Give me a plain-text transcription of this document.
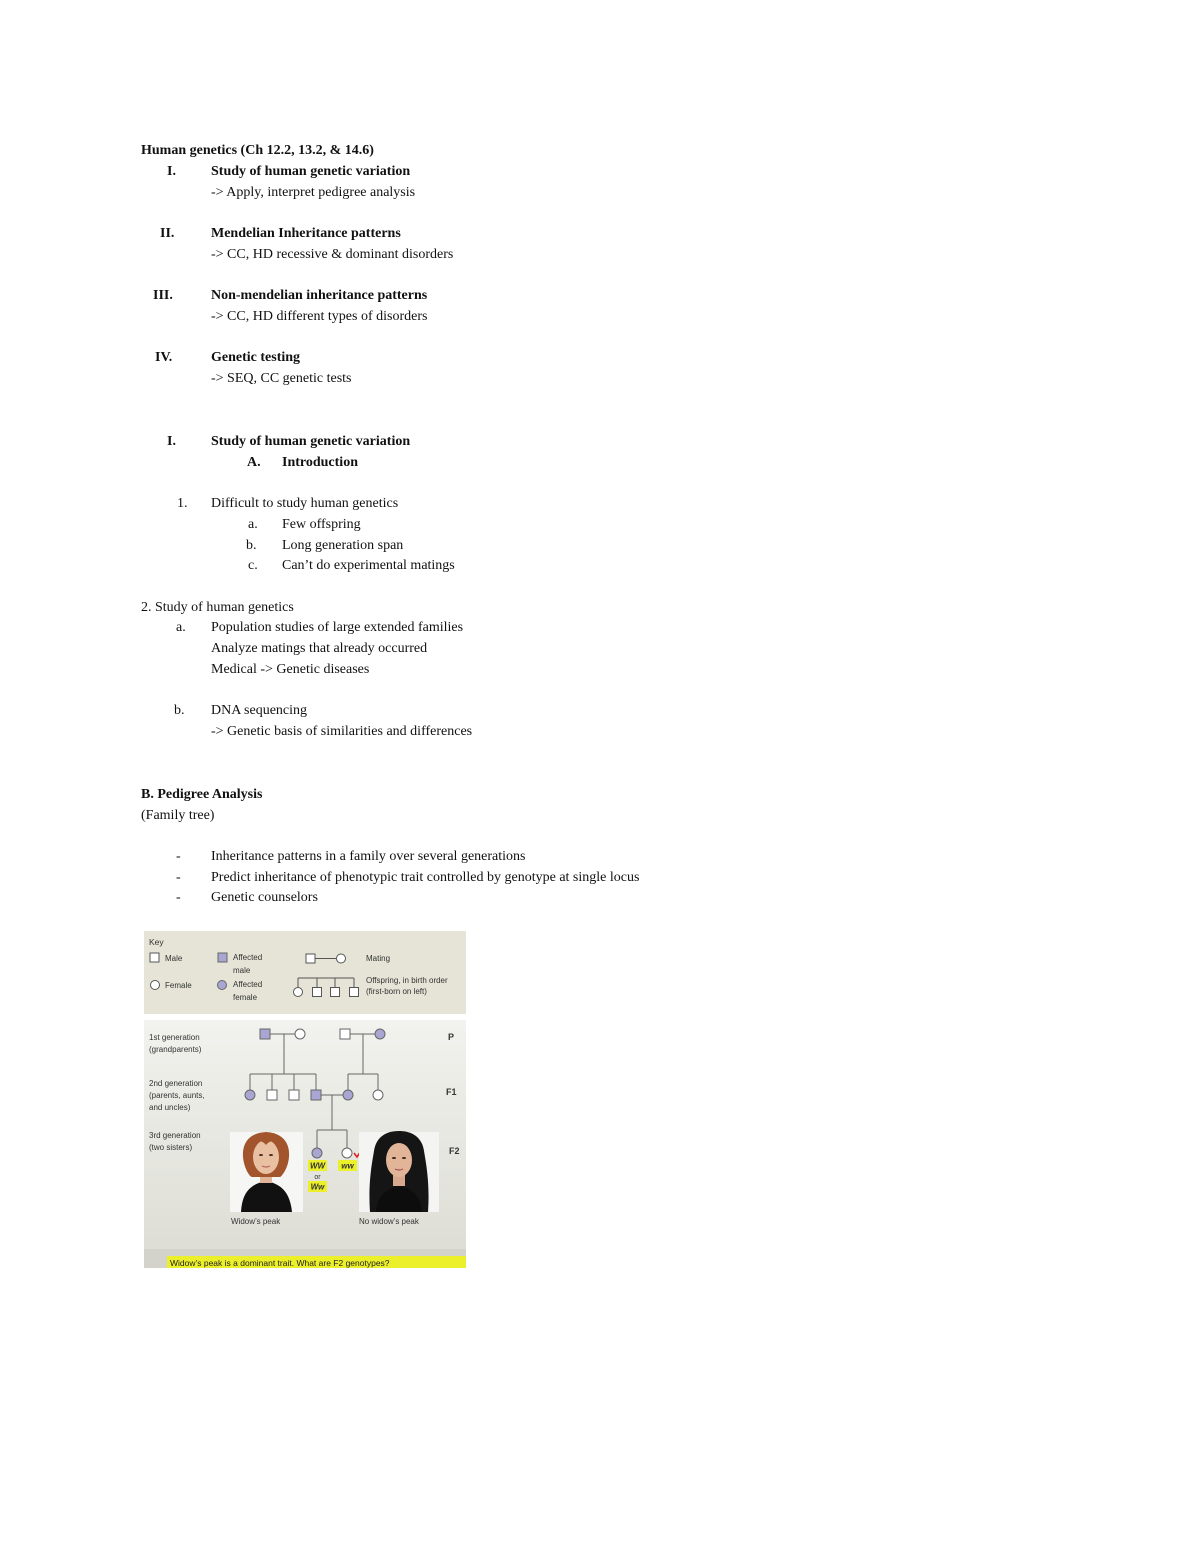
Human genetics (Ch 12.2, 13.2, & 14.6)
I.	Study of human genetic variation
-> Apply, interpret pedigree analysis
II.	Mendelian Inheritance patterns
-> CC, HD recessive & dominant disorders
III.	Non-mendelian inheritance patterns
-> CC, HD different types of disorders
IV.	Genetic testing
-> SEQ, CC genetic tests
I.	Study of human genetic variation
A. Introduction
1. Difficult to study human genetics
a. Few offspring
b. Long generation span
c. Can’t do experimental matings
2. Study of human genetics
a. Population studies of large extended families
Analyze matings that already occurred
Medical -> Genetic diseases
b. DNA sequencing
-> Genetic basis of similarities and differences
B. Pedigree Analysis
(Family tree)
- Inheritance patterns in a family over several generations
- Predict inheritance of phenotypic trait controlled by genotype at single locus
- Genetic counselors
Key
Male
Female
Affected
male
Affected
female
Mating
Offspring, in birth order
(first-born on left)
1st generation
(grandparents)
2nd generation
(parents, aunts,
and uncles)
3rd generation
(two sisters)
P
F1
F2
WW
or
Ww
ww
Widow’s peak	No widow’s peak
Widow’s peak is a dominant trait. What are F2 genotypes?
